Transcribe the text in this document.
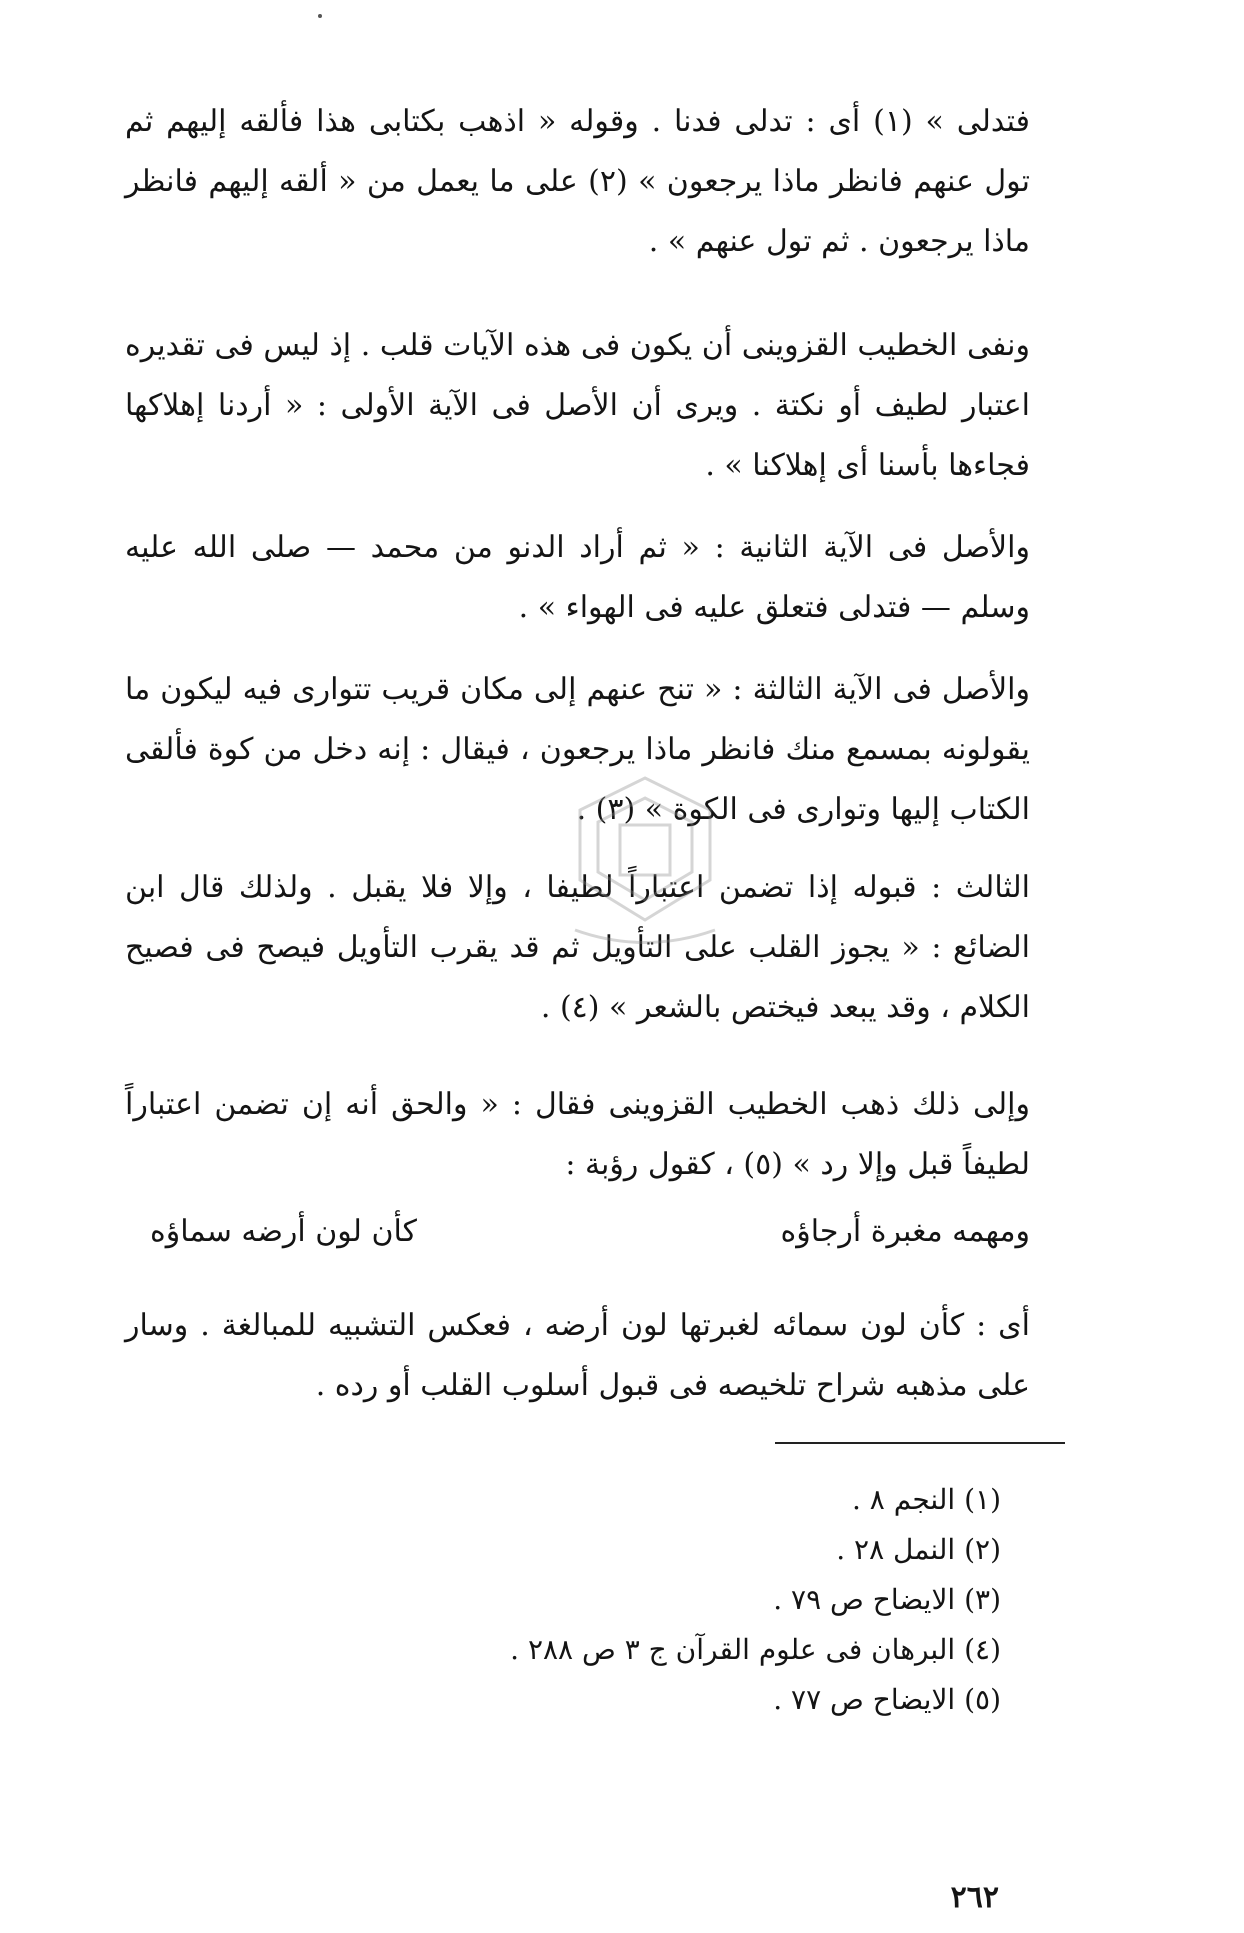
فتدلى » (١) أى : تدلى فدنا . وقوله « اذهب بكتابى هذا فألقه إليهم ثم تول عنهم فانظر ماذا يرجعون » (٢) على ما يعمل من « ألقه إليهم فانظر ماذا يرجعون . ثم تول عنهم » .

ونفى الخطيب القزوينى أن يكون فى هذه الآيات قلب . إذ ليس فى تقديره اعتبار لطيف أو نكتة . ويرى أن الأصل فى الآية الأولى : « أردنا إهلاكها فجاءها بأسنا أى إهلاكنا » .

والأصل فى الآية الثانية : « ثم أراد الدنو من محمد — صلى الله عليه وسلم — فتدلى فتعلق عليه فى الهواء » .

والأصل فى الآية الثالثة : « تنح عنهم إلى مكان قريب تتوارى فيه ليكون ما يقولونه بمسمع منك فانظر ماذا يرجعون ، فيقال : إنه دخل من كوة فألقى الكتاب إليها وتوارى فى الكوة » (٣) .

الثالث : قبوله إذا تضمن اعتباراً لطيفا ، وإلا فلا يقبل . ولذلك قال ابن الضائع : « يجوز القلب على التأويل ثم قد يقرب التأويل فيصح فى فصيح الكلام ، وقد يبعد فيختص بالشعر » (٤) .

وإلى ذلك ذهب الخطيب القزوينى فقال : « والحق أنه إن تضمن اعتباراً لطيفاً قبل وإلا رد » (٥) ، كقول رؤبة :

ومهمه مغبرة أرجاؤه
كأن لون أرضه سماؤه

أى : كأن لون سمائه لغبرتها لون أرضه ، فعكس التشبيه للمبالغة . وسار على مذهبه شراح تلخيصه فى قبول أسلوب القلب أو رده .

(١) النجم ٨ .
(٢) النمل ٢٨ .
(٣) الايضاح ص ٧٩ .
(٤) البرهان فى علوم القرآن ج ٣ ص ٢٨٨ .
(٥) الايضاح ص ٧٧ .
٢٦٢
